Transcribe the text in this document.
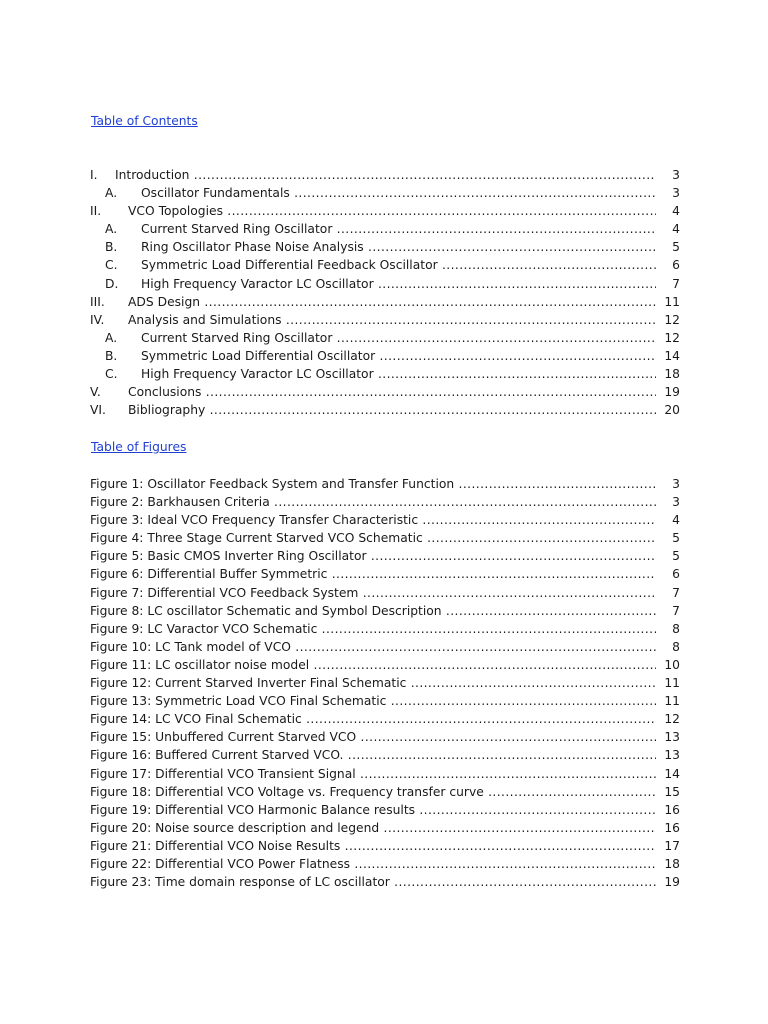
Table of Contents
I. Introduction .....	3
A. Oscillator Fundamentals .....	3
II. VCO Topologies .....	4
A. Current Starved Ring Oscillator .....	4
B. Ring Oscillator Phase Noise Analysis .....	5
C. Symmetric Load Differential Feedback Oscillator .....	6
D. High Frequency Varactor LC Oscillator .....	7
III. ADS Design .....	11
IV. Analysis and Simulations .....	12
A. Current Starved Ring Oscillator .....	12
B. Symmetric Load Differential Oscillator .....	14
C. High Frequency Varactor LC Oscillator .....	18
V. Conclusions .....	19
VI. Bibliography .....	20
Table of Figures
Figure 1: Oscillator Feedback System and Transfer Function .....	3
Figure 2: Barkhausen Criteria .....	3
Figure 3: Ideal VCO Frequency Transfer Characteristic .....	4
Figure 4: Three Stage Current Starved VCO Schematic .....	5
Figure 5: Basic CMOS Inverter Ring Oscillator .....	5
Figure 6: Differential Buffer Symmetric .....	6
Figure 7: Differential VCO Feedback System .....	7
Figure 8: LC oscillator Schematic and Symbol Description .....	7
Figure 9: LC Varactor VCO Schematic .....	8
Figure 10: LC Tank model of VCO .....	8
Figure 11: LC oscillator noise model .....	10
Figure 12: Current Starved Inverter Final Schematic .....	11
Figure 13: Symmetric Load VCO Final Schematic .....	11
Figure 14: LC VCO Final Schematic .....	12
Figure 15: Unbuffered Current Starved VCO .....	13
Figure 16: Buffered Current Starved VCO. .....	13
Figure 17: Differential VCO Transient Signal .....	14
Figure 18: Differential VCO Voltage vs. Frequency transfer curve .....	15
Figure 19: Differential VCO Harmonic Balance results .....	16
Figure 20: Noise source description and legend .....	16
Figure 21: Differential VCO Noise Results .....	17
Figure 22: Differential VCO Power Flatness .....	18
Figure 23: Time domain response of LC oscillator .....	19
